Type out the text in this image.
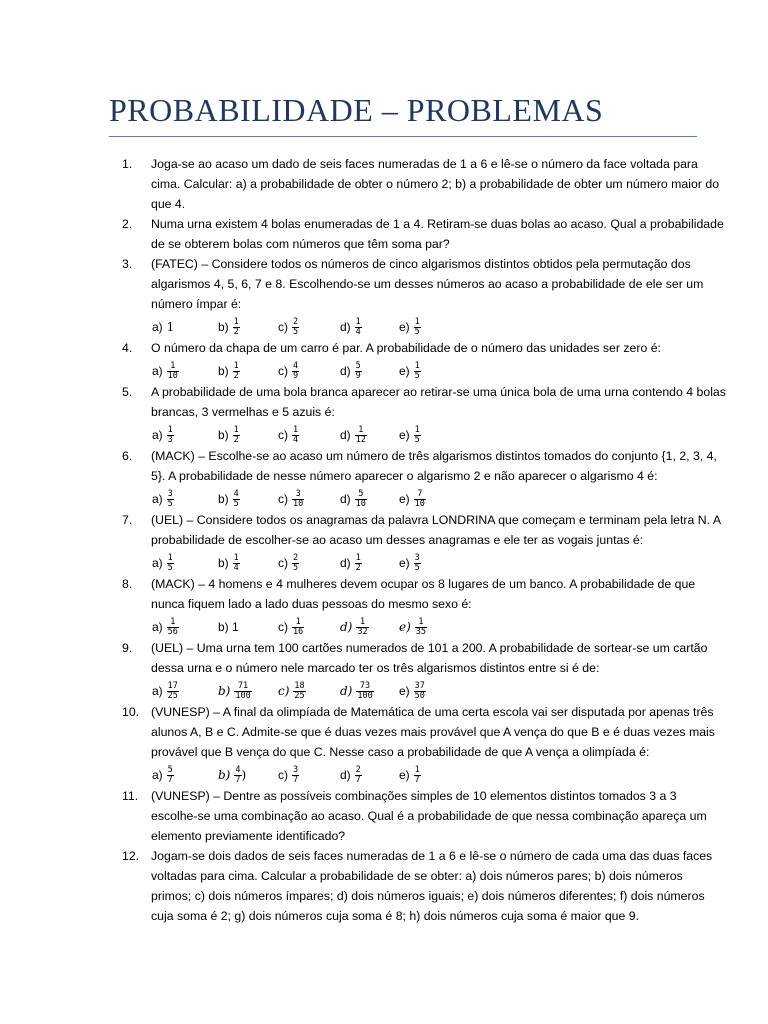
PROBABILIDADE – PROBLEMAS
1.	Joga-se ao acaso um dado de seis faces numeradas de 1 a 6 e lê-se o número da face voltada para cima. Calcular: a) a probabilidade de obter o número 2; b) a probabilidade de obter um número maior do que 4.
2.	Numa urna existem 4 bolas enumeradas de 1 a 4. Retiram-se duas bolas ao acaso. Qual a probabilidade de se obterem bolas com números que têm soma par?
3.	(FATEC) – Considere todos os números de cinco algarismos distintos obtidos pela permutação dos algarismos 4, 5, 6, 7 e 8. Escolhendo-se um desses números ao acaso a probabilidade de ele ser um número ímpar é:
a) 1	$b) \frac{1}{2}$	$c) \frac{2}{5}$	$d) \frac{1}{4}$	$e) \frac{1}{5}$
4.	O número da chapa de um carro é par. A probabilidade de o número das unidades ser zero é:
$a) \frac{1}{10}$	$b) \frac{1}{2}$	$c) \frac{4}{9}$	$d) \frac{5}{9}$	$e) \frac{1}{5}$
5.	A probabilidade de uma bola branca aparecer ao retirar-se uma única bola de uma urna contendo 4 bolas brancas, 3 vermelhas e 5 azuis é:
$a) \frac{1}{3}$	$b) \frac{1}{2}$	$c) \frac{1}{4}$	$d) \frac{1}{12}$	$e) \frac{1}{5}$
6.	(MACK) – Escolhe-se ao acaso um número de três algarismos distintos tomados do conjunto {1, 2, 3, 4, 5}. A probabilidade de nesse número aparecer o algarismo 2 e não aparecer o algarismo 4 é:
$a) \frac{3}{5}$	$b) \frac{4}{5}$	$c) \frac{3}{10}$	$d) \frac{5}{10}$	$e) \frac{7}{10}$
7.	(UEL) – Considere todos os anagramas da palavra LONDRINA que começam e terminam pela letra N. A probabilidade de escolher-se ao acaso um desses anagramas e ele ter as vogais juntas é:
$a) \frac{1}{5}$	$b) \frac{1}{4}$	$c) \frac{2}{5}$	$d) \frac{1}{2}$	$e) \frac{3}{5}$
8.	(MACK) – 4 homens e 4 mulheres devem ocupar os 8 lugares de um banco. A probabilidade de que nunca fiquem lado a lado duas pessoas do mesmo sexo é:
$a) \frac{1}{56}$	b) 1	$c) \frac{1}{16}$	$d) \frac{1}{32}$	$e) \frac{1}{35}$
9.	(UEL) – Uma urna tem 100 cartões numerados de 101 a 200. A probabilidade de sortear-se um cartão dessa urna e o número nele marcado ter os três algarismos distintos entre si é de:
$a) \frac{17}{25}$	$b) \frac{71}{100} c) \frac{18}{25}$	$d) \frac{73}{100} e) \frac{37}{50}$
10. (VUNESP) – A final da olimpíada de Matemática de uma certa escola vai ser disputada por apenas três alunos A, B e C. Admite-se que é duas vezes mais provável que A vença do que B e é duas vezes mais provável que B vença do que C. Nesse caso a probabilidade de que A vença a olimpíada é:
$a) \frac{5}{7}$	$b) \frac{4}{7}$ )	$c) \frac{3}{7}$	$d) \frac{2}{7}$	$e) \frac{1}{7}$
11.	(VUNESP) – Dentre as possíveis combinações simples de 10 elementos distintos tomados 3 a 3 escolhe-se uma combinação ao acaso. Qual é a probabilidade de que nessa combinação apareça um elemento previamente identificado?
12. Jogam-se dois dados de seis faces numeradas de 1 a 6 e lê-se o número de cada uma das duas faces voltadas para cima. Calcular a probabilidade de se obter: a) dois números pares; b) dois números primos; c) dois números ímpares; d) dois números iguais; e) dois números diferentes; f) dois números cuja soma é 2; g) dois números cuja soma é 8; h) dois números cuja soma é maior que 9.
